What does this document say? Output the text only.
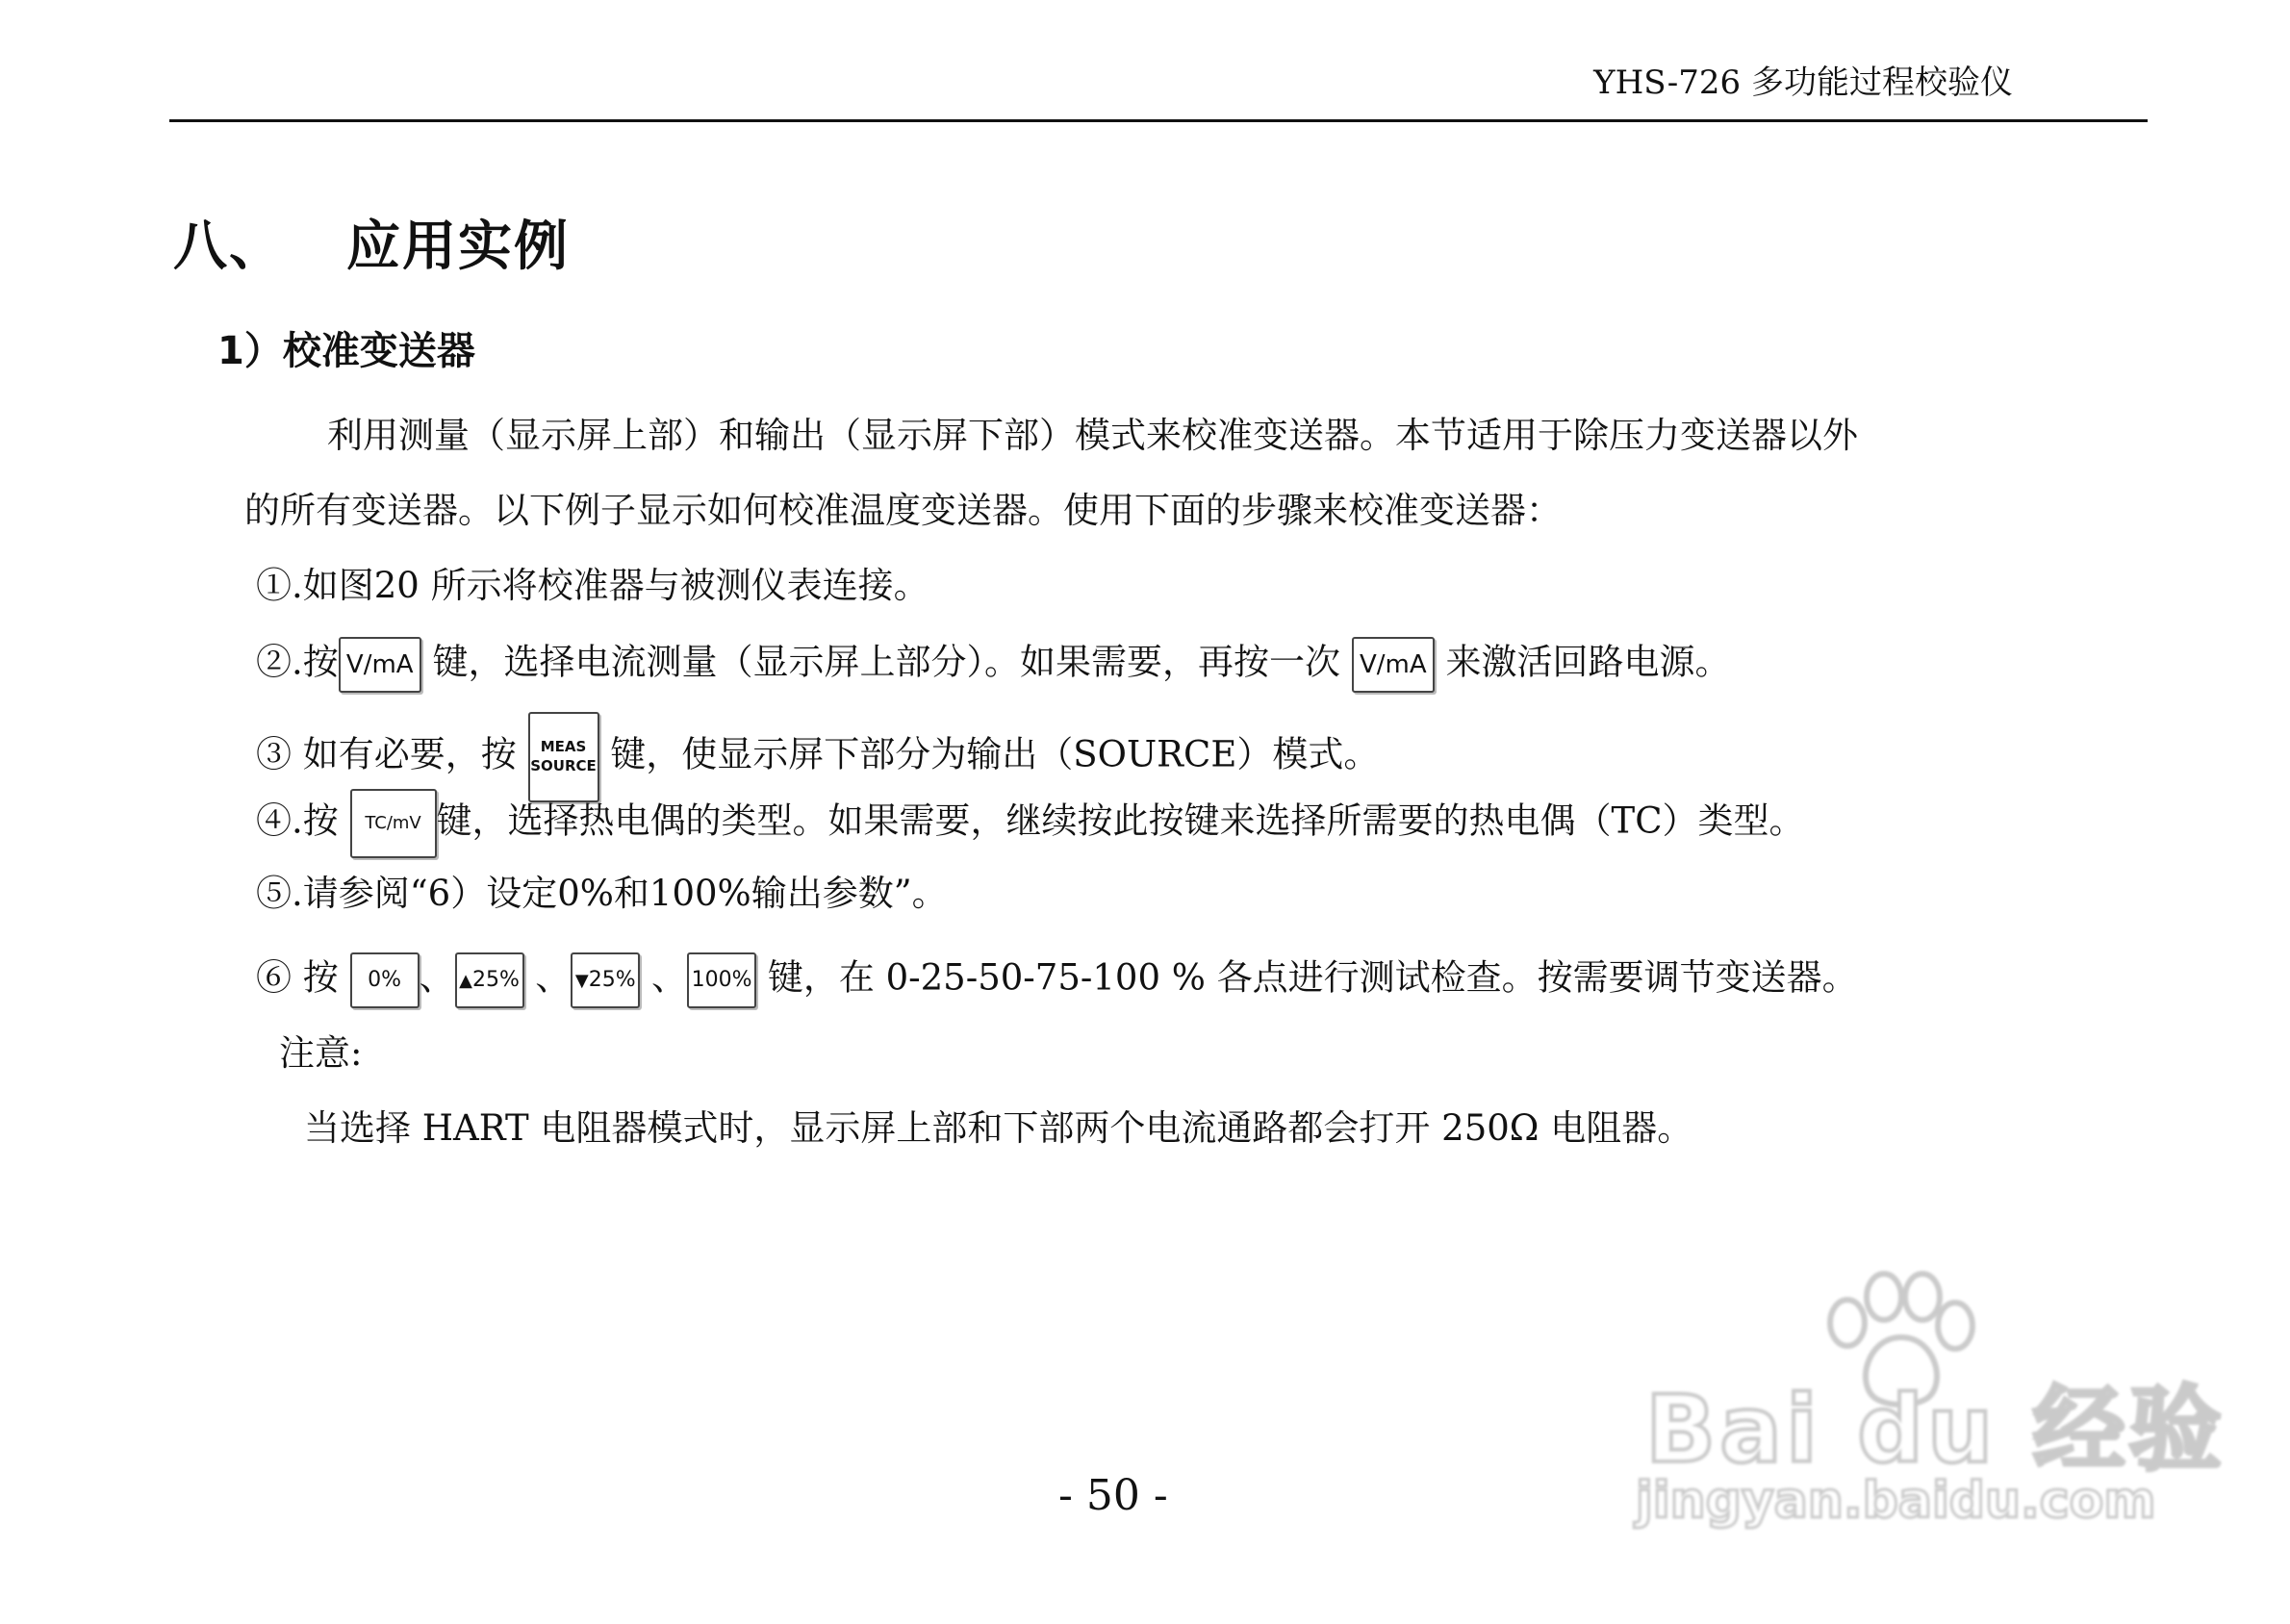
YHS-726 多功能过程校验仪
八、 应用实例
1）校准变送器
利用测量（显示屏上部）和输出（显示屏下部）模式来校准变送器。本节适用于除压力变送器以外
的所有变送器。以下例子显示如何校准温度变送器。使用下面的步骤来校准变送器：
①.如图20 所示将校准器与被测仪表连接。
②.按 V/mA 键，选择电流测量（显示屏上部分）。如果需要，再按一次 V/mA 来激活回路电源。
③ 如有必要，按 MEAS
SOURCE 键，使显示屏下部分为输出（SOURCE）模式。
④.按 TC/mV 键，选择热电偶的类型。如果需要，继续按此按键来选择所需要的热电偶（TC）类型。
⑤.请参阅“6）设定0%和100%输出参数”。
⑥ 按 0% 、 ▲25% 、 ▼25% 、 100% 键，在 0-25-50-75-100 % 各点进行测试检查。按需要调节变送器。
注意:
当选择 HART 电阻器模式时，显示屏上部和下部两个电流通路都会打开 250Ω 电阻器。
- 50 -
Bai du 经验
jingyan.baidu.com
